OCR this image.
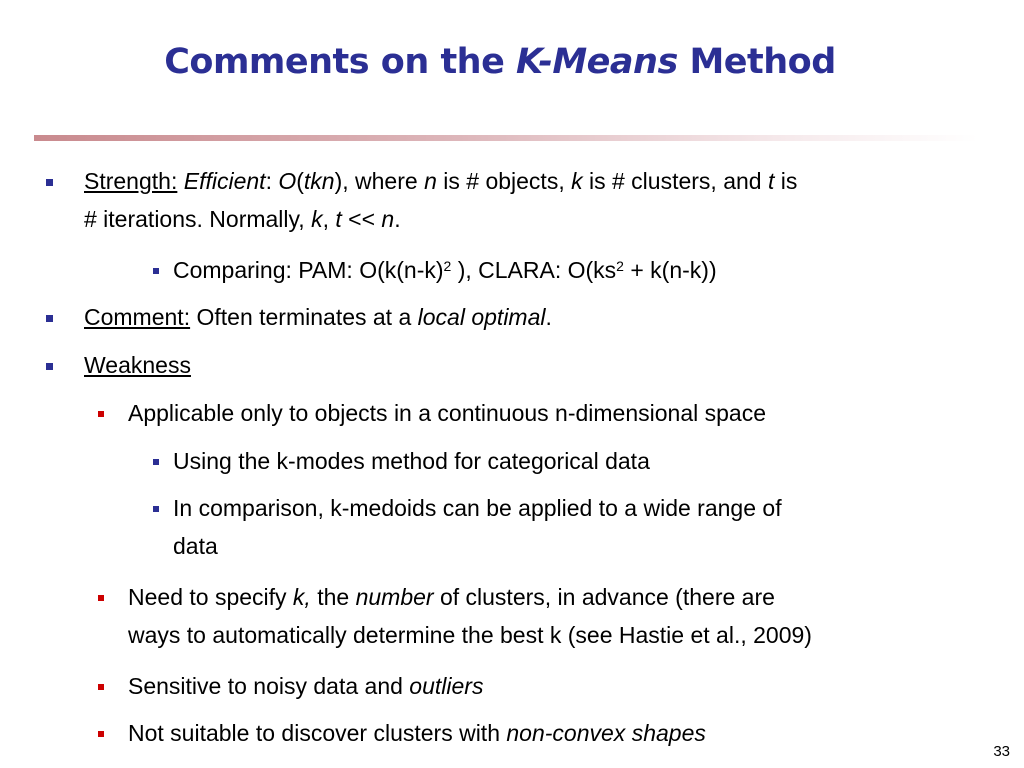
Comments on the K-Means Method
Strength: Efficient: O(tkn), where n is # objects, k is # clusters, and t is
# iterations. Normally, k, t << n.
Comparing: PAM: $O(k(n-k)^2$ ), CLARA: $O(ks^2 + k(n-k))$
Comment: Often terminates at a local optimal.
Weakness
Applicable only to objects in a continuous n-dimensional space
Using the k-modes method for categorical data
In comparison, k-medoids can be applied to a wide range of
data
Need to specify k, the number of clusters, in advance (there are
ways to automatically determine the best k (see Hastie et al., 2009)
Sensitive to noisy data and outliers
Not suitable to discover clusters with non-convex shapes
33
